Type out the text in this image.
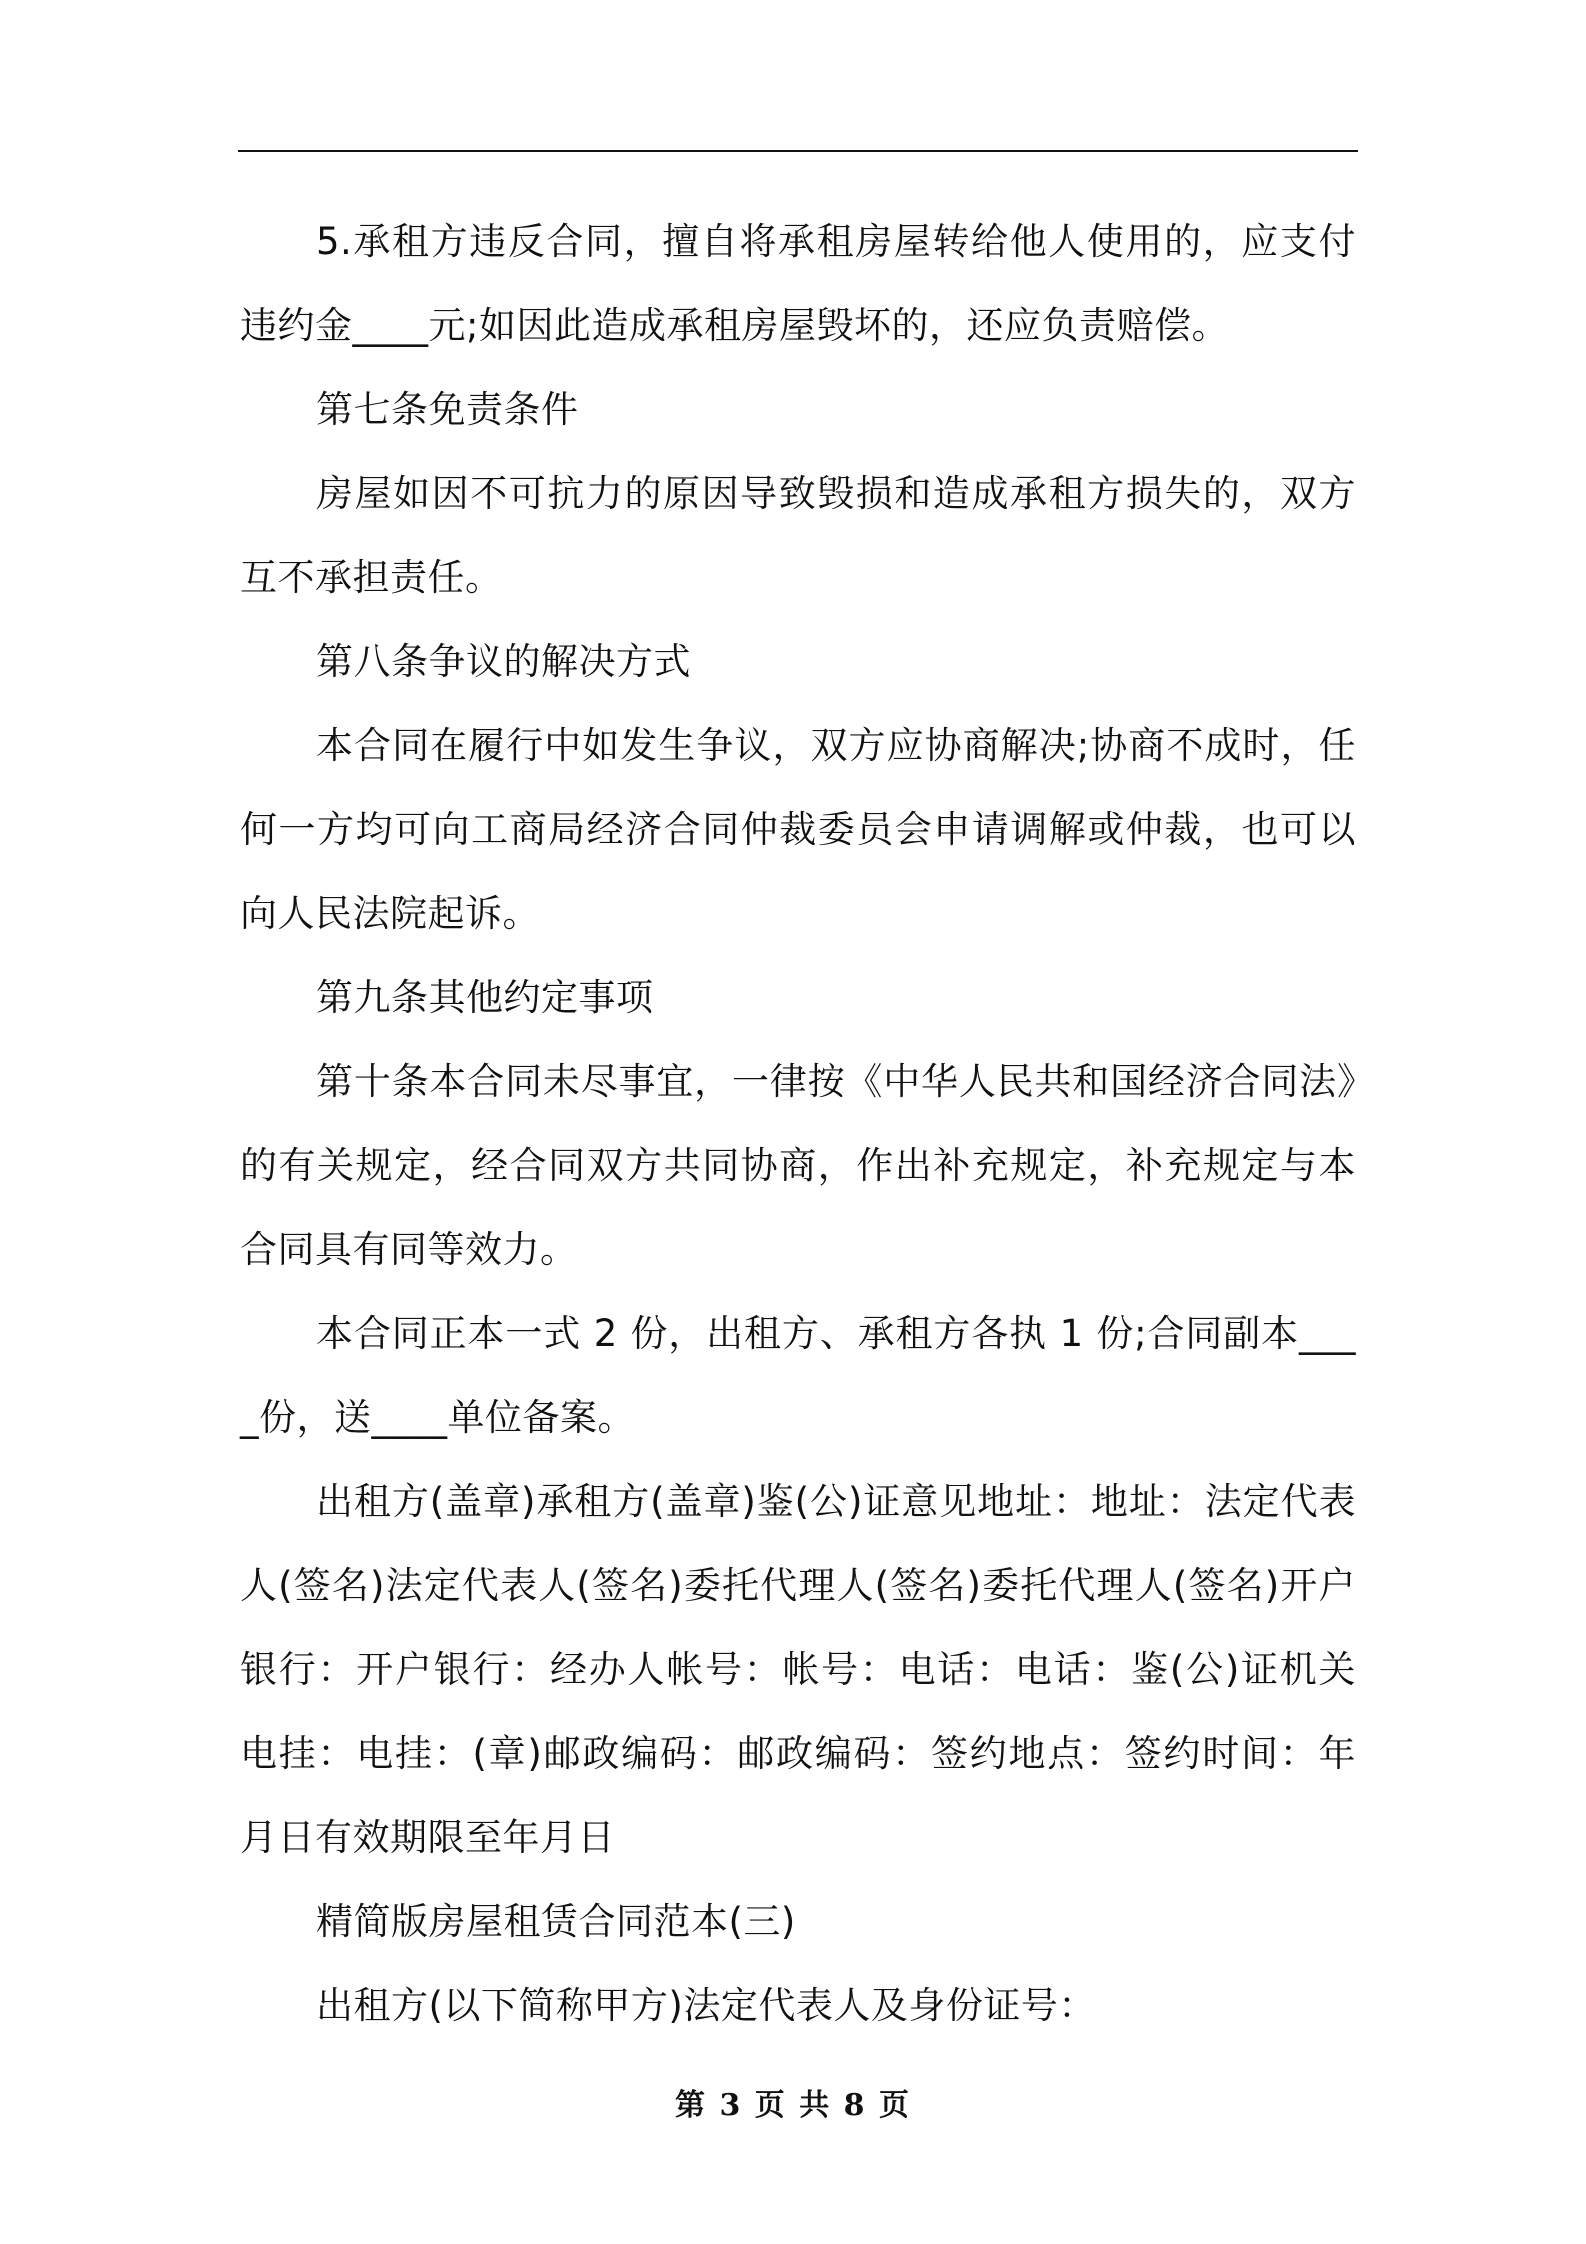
5.承租方违反合同，擅自将承租房屋转给他人使用的，应支付违约金____元;如因此造成承租房屋毁坏的，还应负责赔偿。

第七条免责条件

房屋如因不可抗力的原因导致毁损和造成承租方损失的，双方互不承担责任。

第八条争议的解决方式

本合同在履行中如发生争议，双方应协商解决;协商不成时，任何一方均可向工商局经济合同仲裁委员会申请调解或仲裁，也可以向人民法院起诉。

第九条其他约定事项

第十条本合同未尽事宜，一律按《中华人民共和国经济合同法》的有关规定，经合同双方共同协商，作出补充规定，补充规定与本合同具有同等效力。

本合同正本一式 2 份，出租方、承租方各执 1 份;合同副本____份，送____单位备案。

出租方(盖章)承租方(盖章)鉴(公)证意见地址：地址：法定代表人(签名)法定代表人(签名)委托代理人(签名)委托代理人(签名)开户银行：开户银行：经办人帐号：帐号：电话：电话：鉴(公)证机关电挂：电挂：(章)邮政编码：邮政编码：签约地点：签约时间：年月日有效期限至年月日

精简版房屋租赁合同范本(三)

出租方(以下简称甲方)法定代表人及身份证号：

第 3 页 共 8 页
